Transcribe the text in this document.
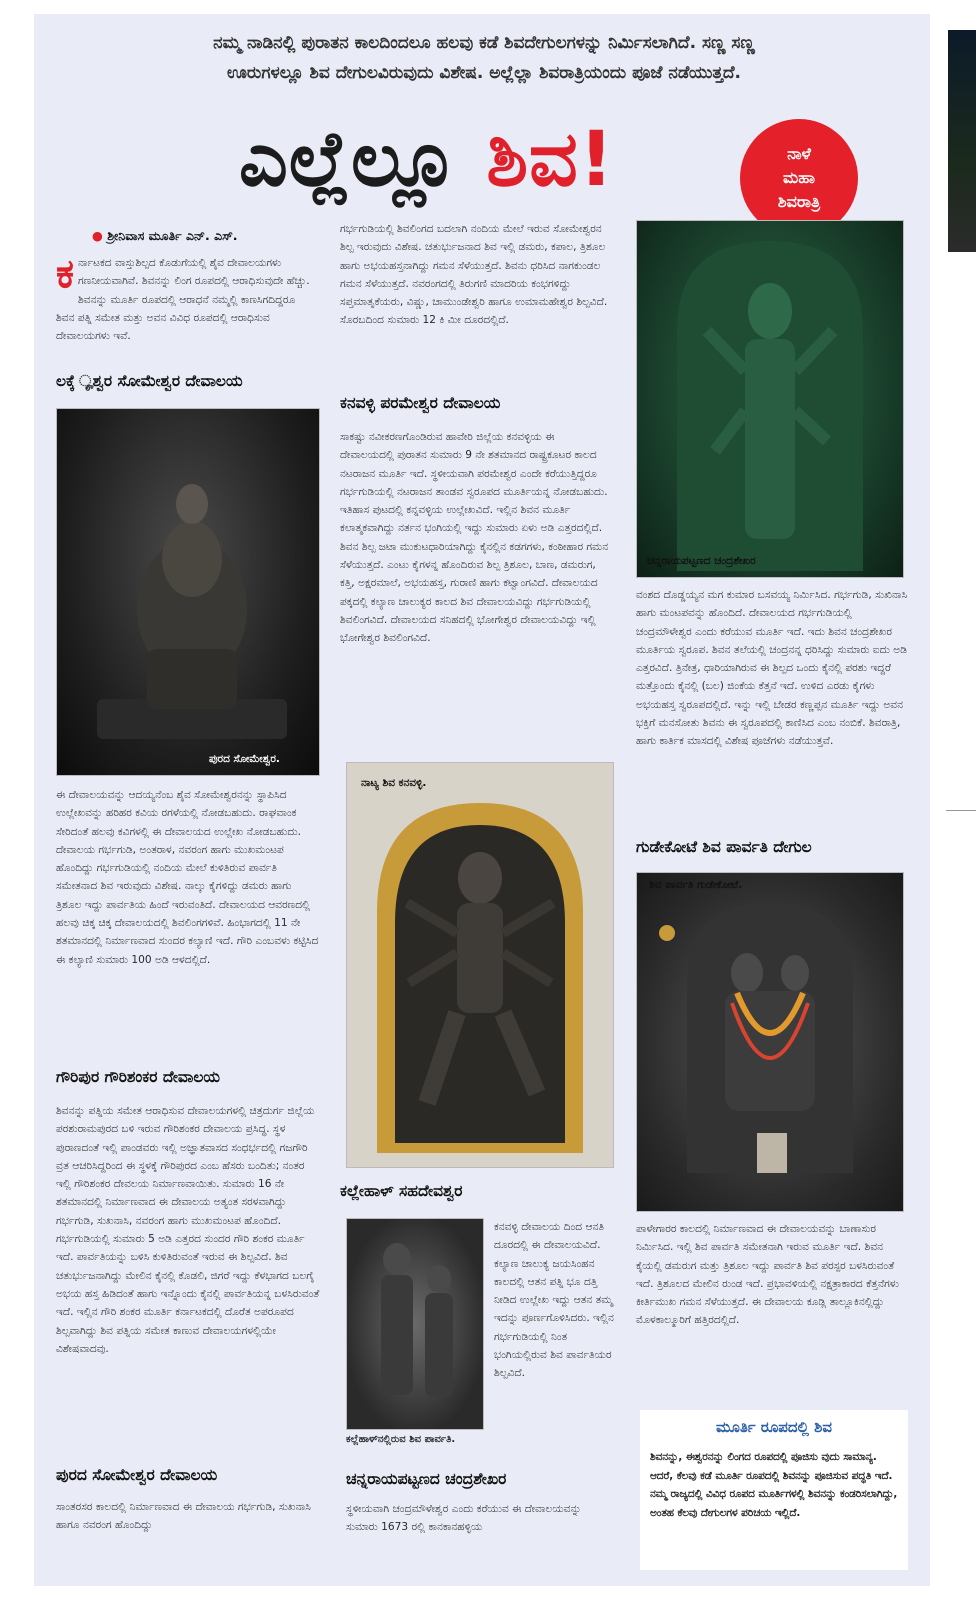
ನಮ್ಮ ನಾಡಿನಲ್ಲಿ ಪುರಾತನ ಕಾಲದಿಂದಲೂ ಹಲವು ಕಡೆ ಶಿವದೇಗುಲಗಳನ್ನು ನಿರ್ಮಿಸಲಾಗಿದೆ. ಸಣ್ಣ ಸಣ್ಣ
ಊರುಗಳಲ್ಲೂ ಶಿವ ದೇಗುಲವಿರುವುದು ವಿಶೇಷ. ಅಲ್ಲೆಲ್ಲಾ ಶಿವರಾತ್ರಿಯಂದು ಪೂಜೆ ನಡೆಯುತ್ತದೆ.
ಎಲ್ಲೆಲ್ಲೂ ಶಿವ!	ನಾಳೆ
ಮಹಾ
ಶಿವರಾತ್ರಿ
● ಶ್ರೀನಿವಾಸ ಮೂರ್ತಿ ಎನ್. ಎಸ್.
ಕ ರ್ನಾಟಕದ ವಾಸ್ತುಶಿಲ್ಪದ ಕೊಡುಗೆಯಲ್ಲಿ ಶೈವ ದೇವಾಲಯಗಳು ಗಣನೀಯವಾಗಿವೆ. ಶಿವನನ್ನು ಲಿಂಗ ರೂಪದಲ್ಲಿ ಆರಾಧಿಸುವುದೇ ಹೆಚ್ಚು. ಶಿವನನ್ನು ಮೂರ್ತಿ ರೂಪದಲ್ಲಿ ಆರಾಧನೆ ನಮ್ಮಲ್ಲಿ ಕಾಣಸಿಗದಿದ್ದರೂ ಶಿವನ ಪತ್ನಿ ಸಮೇತ ಮತ್ತು ಅವನ ವಿವಿಧ ರೂಪದಲ್ಲಿ ಆರಾಧಿಸುವ ದೇವಾಲಯಗಳು ಇವೆ.
ಲಕ್ಕೆ ೄಶ್ವರ ಸೋಮೇಶ್ವರ ದೇವಾಲಯ
ಪುರದ ಸೋಮೇಶ್ವರ.
ಈ ದೇವಾಲಯವನ್ನು ಆದಯ್ಯನೆಂಬ ಶೈವ ಸೋಮೇಶ್ವರನನ್ನು ಸ್ಥಾಪಿಸಿದ ಉಲ್ಲೇಖವನ್ನು ಹರಿಹರ ಕವಿಯ ರಗಳೆಯಲ್ಲಿ ನೋಡಬಹುದು. ರಾಘವಾಂಕ ಸೇರಿದಂತೆ ಹಲವು ಕವಿಗಳಲ್ಲಿ ಈ ದೇವಾಲಯದ ಉಲ್ಲೇಖ ನೋಡಬಹುದು. ದೇವಾಲಯ ಗರ್ಭಗುಡಿ, ಅಂತರಾಳ, ನವರಂಗ ಹಾಗು ಮುಖಮಂಟಪ ಹೊಂದಿದ್ದು ಗರ್ಭಗುಡಿಯಲ್ಲಿ ನಂದಿಯ ಮೇಲೆ ಕುಳಿತಿರುವ ಪಾರ್ವತಿ ಸಮೇತನಾದ ಶಿವ ಇರುವುದು ವಿಶೇಷ. ನಾಲ್ಕು ಕೈಗಳಿದ್ದು ಡಮರು ಹಾಗು ತ್ರಿಶೂಲ ಇದ್ದು ಪಾರ್ವತಿಯ ಹಿಂದೆ ಇರುವಂತಿದೆ. ದೇವಾಲಯದ ಆವರಣದಲ್ಲಿ ಹಲವು ಚಿಕ್ಕ ಚಿಕ್ಕ ದೇವಾಲಯದಲ್ಲಿ ಶಿವಲಿಂಗಗಳಿವೆ. ಹಿಂಭಾಗದಲ್ಲಿ 11 ನೇ ಶತಮಾನದಲ್ಲಿ ನಿರ್ಮಾಣವಾದ ಸುಂದರ ಕಲ್ಯಾಣಿ ಇದೆ. ಗೌರಿ ಎಂಬವಳು ಕಟ್ಟಿಸಿದ ಈ ಕಲ್ಯಾಣಿ ಸುಮಾರು 100 ಅಡಿ ಆಳದಲ್ಲಿದೆ.
ಗೌರಿಪುರ ಗೌರಿಶಂಕರ ದೇವಾಲಯ
ಶಿವನನ್ನು ಪತ್ನಿಯ ಸಮೇತ ಆರಾಧಿಸುವ ದೇವಾಲಯಗಳಲ್ಲಿ ಚಿತ್ರದುರ್ಗ ಜಿಲ್ಲೆಯ ಪರಶುರಾಮಪುರದ ಬಳಿ ಇರುವ ಗೌರಿಶಂಕರ ದೇವಾಲಯ ಪ್ರಸಿದ್ಧ. ಸ್ಥಳ ಪುರಾಣದಂತೆ ಇಲ್ಲಿ ಪಾಂಡವರು ಇಲ್ಲಿ ಅಜ್ಞಾತವಾಸದ ಸಂಧರ್ಭದಲ್ಲಿ ಗಜಗೌರಿ ವ್ರತ ಆಚರಿಸಿದ್ದರಿಂದ ಈ ಸ್ಥಳಕ್ಕೆ ಗೌರಿಪುರದ ಎಂಬ ಹೆಸರು ಬಂದಿತು; ನಂತರ ಇಲ್ಲಿ ಗೌರಿಶಂಕರ ದೇವಲಯ ನಿರ್ಮಾಣವಾಯಿತು. ಸುಮಾರು 16 ನೇ ಶತಮಾನದಲ್ಲಿ ನಿರ್ಮಾಣವಾದ ಈ ದೇವಾಲಯ ಅತ್ಯಂತ ಸರಳವಾಗಿದ್ದು ಗರ್ಭಗುಡಿ, ಸುಖನಾಸಿ, ನವರಂಗ ಹಾಗು ಮುಖಮಂಟಪ ಹೊಂದಿದೆ. ಗರ್ಭಗುಡಿಯಲ್ಲಿ ಸುಮಾರು 5 ಅಡಿ ಎತ್ತರದ ಸುಂದರ ಗೌರಿ ಶಂಕರ ಮೂರ್ತಿ ಇದೆ. ಪಾರ್ವತಿಯನ್ನು ಬಳಿಸಿ ಕುಳಿತಿರುವಂತೆ ಇರುವ ಈ ಶಿಲ್ಪವಿದೆ. ಶಿವ ಚತುರ್ಭುಜನಾಗಿದ್ದು ಮೇಲಿನ ಕೈನಲ್ಲಿ ಕೊಡಲಿ, ಜಿಗರೆ ಇದ್ದು ಕೆಳಭಾಗದ ಬಲಗೈ ಅಭಯ ಹಸ್ತ ಹಿಡಿದಂತೆ ಹಾಗು ಇನ್ನೊಂದು ಕೈನಲ್ಲಿ ಪಾರ್ವತಿಯನ್ನ ಬಳಸಿರುವಂತೆ ಇದೆ. ಇಲ್ಲಿನ ಗೌರಿ ಶಂಕರ ಮೂರ್ತಿ ಕರ್ನಾಟಕದಲ್ಲಿ ದೊರೆತ ಅಪರೂಪದ ಶಿಲ್ಪವಾಗಿದ್ದು ಶಿವ ಪತ್ನಿಯ ಸಮೇತ ಕಾಣುವ ದೇವಾಲಯಗಳಲ್ಲಿಯೇ ವಿಶೇಷವಾದವು.
ಪುರದ ಸೋಮೇಶ್ವರ ದೇವಾಲಯ
ಸಾಂತರಸರ ಕಾಲದಲ್ಲಿ ನಿರ್ಮಾಣವಾದ ಈ ದೇವಾಲಯ ಗರ್ಭಗುಡಿ, ಸುಖನಾಸಿ ಹಾಗೂ ನವರಂಗ ಹೊಂದಿದ್ದು
ಗರ್ಭಗುಡಿಯಲ್ಲಿ ಶಿವಲಿಂಗದ ಬದಲಾಗಿ ನಂದಿಯ ಮೇಲೆ ಇರುವ ಸೋಮೇಶ್ವರನ ಶಿಲ್ಪ ಇರುವುದು ವಿಶೇಷ. ಚತುರ್ಭುಜನಾದ ಶಿವ ಇಲ್ಲಿ ಡಮರು, ಕಪಾಲ, ತ್ರಿಶೂಲ ಹಾಗು ಅಭಯಹಸ್ತನಾಗಿದ್ದು ಗಮನ ಸೆಳೆಯುತ್ತದೆ. ಶಿವನು ಧರಿಸಿದ ನಾಗಕುಂಡಲ ಗಮನ ಸೆಳೆಯುತ್ತದೆ. ನವರಂಗದಲ್ಲಿ ತಿರುಗಣಿ ಮಾದರಿಯ ಕಂಭಗಳಿದ್ದು ಸಪ್ತಮಾತೃಕೆಯರು, ವಿಷ್ಣು, ಚಾಮುಂಡೇಶ್ವರಿ ಹಾಗೂ ಉಮಾಮಹೇಶ್ವರ ಶಿಲ್ಪವಿದೆ. ಸೊರಬದಿಂದ ಸುಮಾರು 12 ಕಿ ಮೀ ದೂರದಲ್ಲಿದೆ.
ಕನವಳ್ಳಿ ಪರಮೇಶ್ವರ ದೇವಾಲಯ
ಸಾಕಷ್ಟು ನವೀಕರಣಗೊಂಡಿರುವ ಹಾವೇರಿ ಜಿಲ್ಲೆಯ ಕನವಳ್ಳಿಯ ಈ ದೇವಾಲಯದಲ್ಲಿ ಪುರಾತನ ಸುಮಾರು 9 ನೇ ಶತಮಾನದ ರಾಷ್ಟ್ರಕೂಟರ ಕಾಲದ ನಟರಾಜನ ಮೂರ್ತಿ ಇದೆ. ಸ್ಥಳೀಯವಾಗಿ ಪರಮೇಶ್ವರ ಎಂದೇ ಕರೆಯುತ್ತಿದ್ದರೂ ಗರ್ಭಗುಡಿಯಲ್ಲಿ ನಟರಾಜನ ತಾಂಡವ ಸ್ವರೂಪದ ಮೂರ್ತಿಯನ್ನ ನೋಡಬಹುದು. ಇತಿಹಾಸ ಪುಟದಲ್ಲಿ ಕನ್ನವಳ್ಳಿಯ ಉಲ್ಲೇಖವಿದೆ. ಇಲ್ಲಿನ ಶಿವನ ಮೂರ್ತಿ ಕಲಾತ್ಮಕವಾಗಿದ್ದು ನರ್ತನ ಭಂಗಿಯಲ್ಲಿ ಇದ್ದು ಸುಮಾರು ಏಳು ಅಡಿ ಎತ್ತರದಲ್ಲಿದೆ. ಶಿವನ ಶಿಲ್ಪ ಜಟಾ ಮುಕುಟಧಾರಿಯಾಗಿದ್ದು ಕೈನಲ್ಲಿನ ಕಡಗಗಳು, ಕಂಠೀಹಾರ ಗಮನ ಸೆಳೆಯುತ್ತದೆ. ಎಂಟು ಕೈಗಳನ್ನ ಹೊಂದಿರುವ ಶಿಲ್ಪ ತ್ರಿಶೂಲ, ಬಾಣ, ಡಮರುಗ, ಕತ್ತಿ, ಅಕ್ಷರಮಾಲೆ, ಅಭಯಹಸ್ತ, ಗುರಾಣಿ ಹಾಗು ಕಟ್ವಾಂಗವಿದೆ. ದೇವಾಲಯದ ಪಕ್ಕದಲ್ಲಿ ಕಲ್ಯಾಣ ಚಾಲುಕ್ಯರ ಕಾಲದ ಶಿವ ದೇವಾಲಯವಿದ್ದು ಗರ್ಭಗುಡಿಯಲ್ಲಿ ಶಿವಲಿಂಗವಿದೆ. ದೇವಾಲಯದ ಸನಿಹದಲ್ಲಿ ಭೋಗೇಶ್ವರ ದೇವಾಲಯವಿದ್ದು ಇಲ್ಲಿ ಭೋಗೇಶ್ವರ ಶಿವಲಿಂಗವಿದೆ.
ನಾಟ್ಯ ಶಿವ ಕನವಳ್ಳಿ.
ಕಲ್ಲೇಹಾಳ್ ಸಹದೇವಶ್ವರ
ಕಲ್ಲೆಹಾಳ್‌ನಲ್ಲಿರುವ ಶಿವ ಪಾರ್ವತಿ.
ಕನವಳ್ಳಿ ದೇವಾಲಯ ದಿಂದ ಆನತಿ ದೂರದಲ್ಲಿ ಈ ದೇವಾಲಯವಿದೆ. ಕಲ್ಯಾಣ ಚಾಲುಕ್ಯ ಜಯಸಿಂಹನ ಕಾಲದಲ್ಲಿ ಆತನ ಪತ್ನಿ ಭೂ ದತ್ತಿ ನೀಡಿದ ಉಲ್ಲೇಖ ಇದ್ದು ಆತನ ತಮ್ಮ ಇದನ್ನು ಪೂರ್ಣಗೊಳಿಸಿದರು. ಇಲ್ಲಿನ ಗರ್ಭಗುಡಿಯಲ್ಲಿ ನಿಂತ ಭಂಗಿಯಲ್ಲಿರುವ ಶಿವ ಪಾರ್ವತಿಯರ ಶಿಲ್ಪವಿದೆ.
ಚನ್ನರಾಯಪಟ್ಟಣದ ಚಂದ್ರಶೇಖರ
ಸ್ಥಳೀಯವಾಗಿ ಚಂದ್ರಮೌಳೇಶ್ವರ ಎಂದು ಕರೆಯುವ ಈ ದೇವಾಲಯವನ್ನು ಸುಮಾರು 1673 ರಲ್ಲಿ ಕಾನಕಾನಹಳ್ಳಿಯ
ಚನ್ನರಾಯಪಟ್ಟಣದ ಚಂದ್ರಶೇಖರ
ವಂಶದ ದೊಡ್ಡಯ್ಯನ ಮಗ ಕುಮಾರ ಬಸವಯ್ಯ ನಿರ್ಮಿಸಿದ. ಗರ್ಭಗುಡಿ, ಸುಖಿನಾಸಿ ಹಾಗು ಮಂಟಪವನ್ನು ಹೊಂದಿದೆ. ದೇವಾಲಯದ ಗರ್ಭಗುಡಿಯಲ್ಲಿ ಚಂದ್ರಮೌಳೇಶ್ವರ ಎಂದು ಕರೆಯುವ ಮೂರ್ತಿ ಇದೆ. ಇದು ಶಿವನ ಚಂದ್ರಶೇಖರ ಮೂರ್ತಿಯ ಸ್ವರೂಪ. ಶಿವನ ತಲೆಯಲ್ಲಿ ಚಂದ್ರನನ್ನ ಧರಿಸಿದ್ದು ಸುಮಾರು ಐದು ಅಡಿ ಎತ್ತರವಿದೆ. ತ್ರಿನೇತ್ರ, ಧಾರಿಯಾಗಿರುವ ಈ ಶಿಲ್ಪದ ಒಂದು ಕೈನಲ್ಲಿ ಪರಶು ಇದ್ದರೆ ಮತ್ತೊಂದು ಕೈನಲ್ಲಿ (ಬಲ) ಜಿಂಕೆಯ ಕೆತ್ತನೆ ಇದೆ. ಉಳಿದ ಎರಡು ಕೈಗಳು ಅಭಯಹಸ್ತ ಸ್ವರೂಪದಲ್ಲಿದೆ. ಇನ್ನು ಇಲ್ಲಿ ಬೇಡರ ಕಣ್ಣಪ್ಪನ ಮೂರ್ತಿ ಇದ್ದು ಅವನ ಭಕ್ತಿಗೆ ಮನಸೋತು ಶಿವನು ಈ ಸ್ವರೂಪದಲ್ಲಿ ಕಾಣಿಸಿದ ಎಂಬ ನಂಬಿಕೆ. ಶಿವರಾತ್ರಿ, ಹಾಗು ಕಾರ್ತಿಕ ಮಾಸದಲ್ಲಿ ವಿಶೇಷ ಪೂಜೆಗಳು ನಡೆಯುತ್ತವೆ.
ಗುಡೇಕೋಟೆ ಶಿವ ಪಾರ್ವತಿ ದೇಗುಲ
ಶಿವ ಪಾರ್ವತಿ ಗುಡೇಕೋಟೆ.
ಪಾಳೇಗಾರರ ಕಾಲದಲ್ಲಿ ನಿರ್ಮಾಣವಾದ ಈ ದೇವಾಲಯವನ್ನು ಬಾಣಾಸುರ ನಿರ್ಮಿಸಿದ. ಇಲ್ಲಿ ಶಿವ ಪಾರ್ವತಿ ಸಮೇತನಾಗಿ ಇರುವ ಮೂರ್ತಿ ಇದೆ. ಶಿವನ ಕೈಯಲ್ಲಿ ಡಮರುಗ ಮತ್ತು ತ್ರಿಶೂಲ ಇದ್ದು ಪಾರ್ವತಿ ಶಿವ ಪರಸ್ಪರ ಬಳಸಿರುವಂತೆ ಇದೆ. ತ್ರಿಶೂಲದ ಮೇಲಿನ ರುಂಡ ಇದೆ. ಪ್ರಭಾವಳಿಯಲ್ಲಿ ನಕ್ಷತ್ರಾಕಾರದ ಕೆತ್ತನೆಗಳು ಕೀರ್ತಿಮುಖ ಗಮನ ಸೆಳೆಯುತ್ತದೆ. ಈ ದೇವಾಲಯ ಕೂಡ್ಲಿ ತಾಲ್ಲೂಕಿನಲ್ಲಿದ್ದು ಮೊಳಕಾಲ್ಮೂರಿಗೆ ಹತ್ತಿರದಲ್ಲಿದೆ.
ಮೂರ್ತಿ ರೂಪದಲ್ಲಿ ಶಿವ
ಶಿವನನ್ನು, ಈಶ್ವರನನ್ನು ಲಿಂಗದ ರೂಪದಲ್ಲಿ ಪೂಜಿಸು ವುದು ಸಾಮಾನ್ಯ. ಆದರೆ, ಕೆಲವು ಕಡೆ ಮೂರ್ತಿ ರೂಪದಲ್ಲಿ ಶಿವನನ್ನು ಪೂಜಿಸುವ ಪದ್ಧತಿ ಇದೆ. ನಮ್ಮ ರಾಜ್ಯದಲ್ಲಿ ವಿವಿಧ ರೂಪದ ಮೂರ್ತಿಗಳಲ್ಲಿ ಶಿವನನ್ನು ಕಂಡರಿಸಲಾಗಿದ್ದು, ಅಂತಹ ಕೆಲವು ದೇಗುಲಗಳ ಪರಿಚಯ ಇಲ್ಲಿದೆ.
